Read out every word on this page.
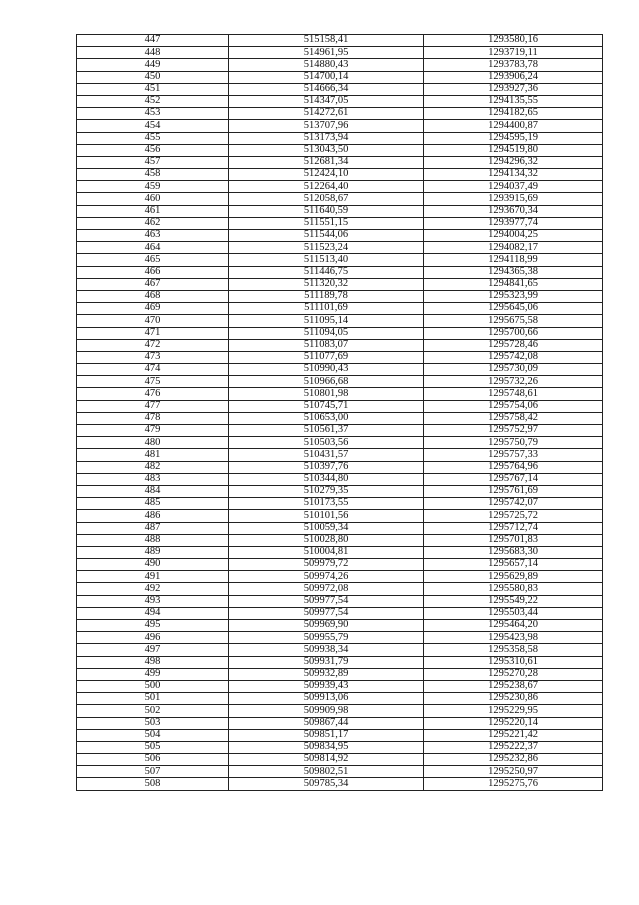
447	515158,41	1293580,16
448	514961,95	1293719,11
449	514880,43	1293783,78
450	514700,14	1293906,24
451	514666,34	1293927,36
452	514347,05	1294135,55
453	514272,61	1294182,65
454	513707,96	1294400,87
455	513173,94	1294595,19
456	513043,50	1294519,80
457	512681,34	1294296,32
458	512424,10	1294134,32
459	512264,40	1294037,49
460	512058,67	1293915,69
461	511640,59	1293670,34
462	511551,15	1293977,74
463	511544,06	1294004,25
464	511523,24	1294082,17
465	511513,40	1294118,99
466	511446,75	1294365,38
467	511320,32	1294841,65
468	511189,78	1295323,99
469	511101,69	1295645,06
470	511095,14	1295675,58
471	511094,05	1295700,66
472	511083,07	1295728,46
473	511077,69	1295742,08
474	510990,43	1295730,09
475	510966,68	1295732,26
476	510801,98	1295748,61
477	510745,71	1295754,06
478	510653,00	1295758,42
479	510561,37	1295752,97
480	510503,56	1295750,79
481	510431,57	1295757,33
482	510397,76	1295764,96
483	510344,80	1295767,14
484	510279,35	1295761,69
485	510173,55	1295742,07
486	510101,56	1295725,72
487	510059,34	1295712,74
488	510028,80	1295701,83
489	510004,81	1295683,30
490	509979,72	1295657,14
491	509974,26	1295629,89
492	509972,08	1295580,83
493	509977,54	1295549,22
494	509977,54	1295503,44
495	509969,90	1295464,20
496	509955,79	1295423,98
497	509938,34	1295358,58
498	509931,79	1295310,61
499	509932,89	1295270,28
500	509939,43	1295238,67
501	509913,06	1295230,86
502	509909,98	1295229,95
503	509867,44	1295220,14
504	509851,17	1295221,42
505	509834,95	1295222,37
506	509814,92	1295232,86
507	509802,51	1295250,97
508	509785,34	1295275,76
